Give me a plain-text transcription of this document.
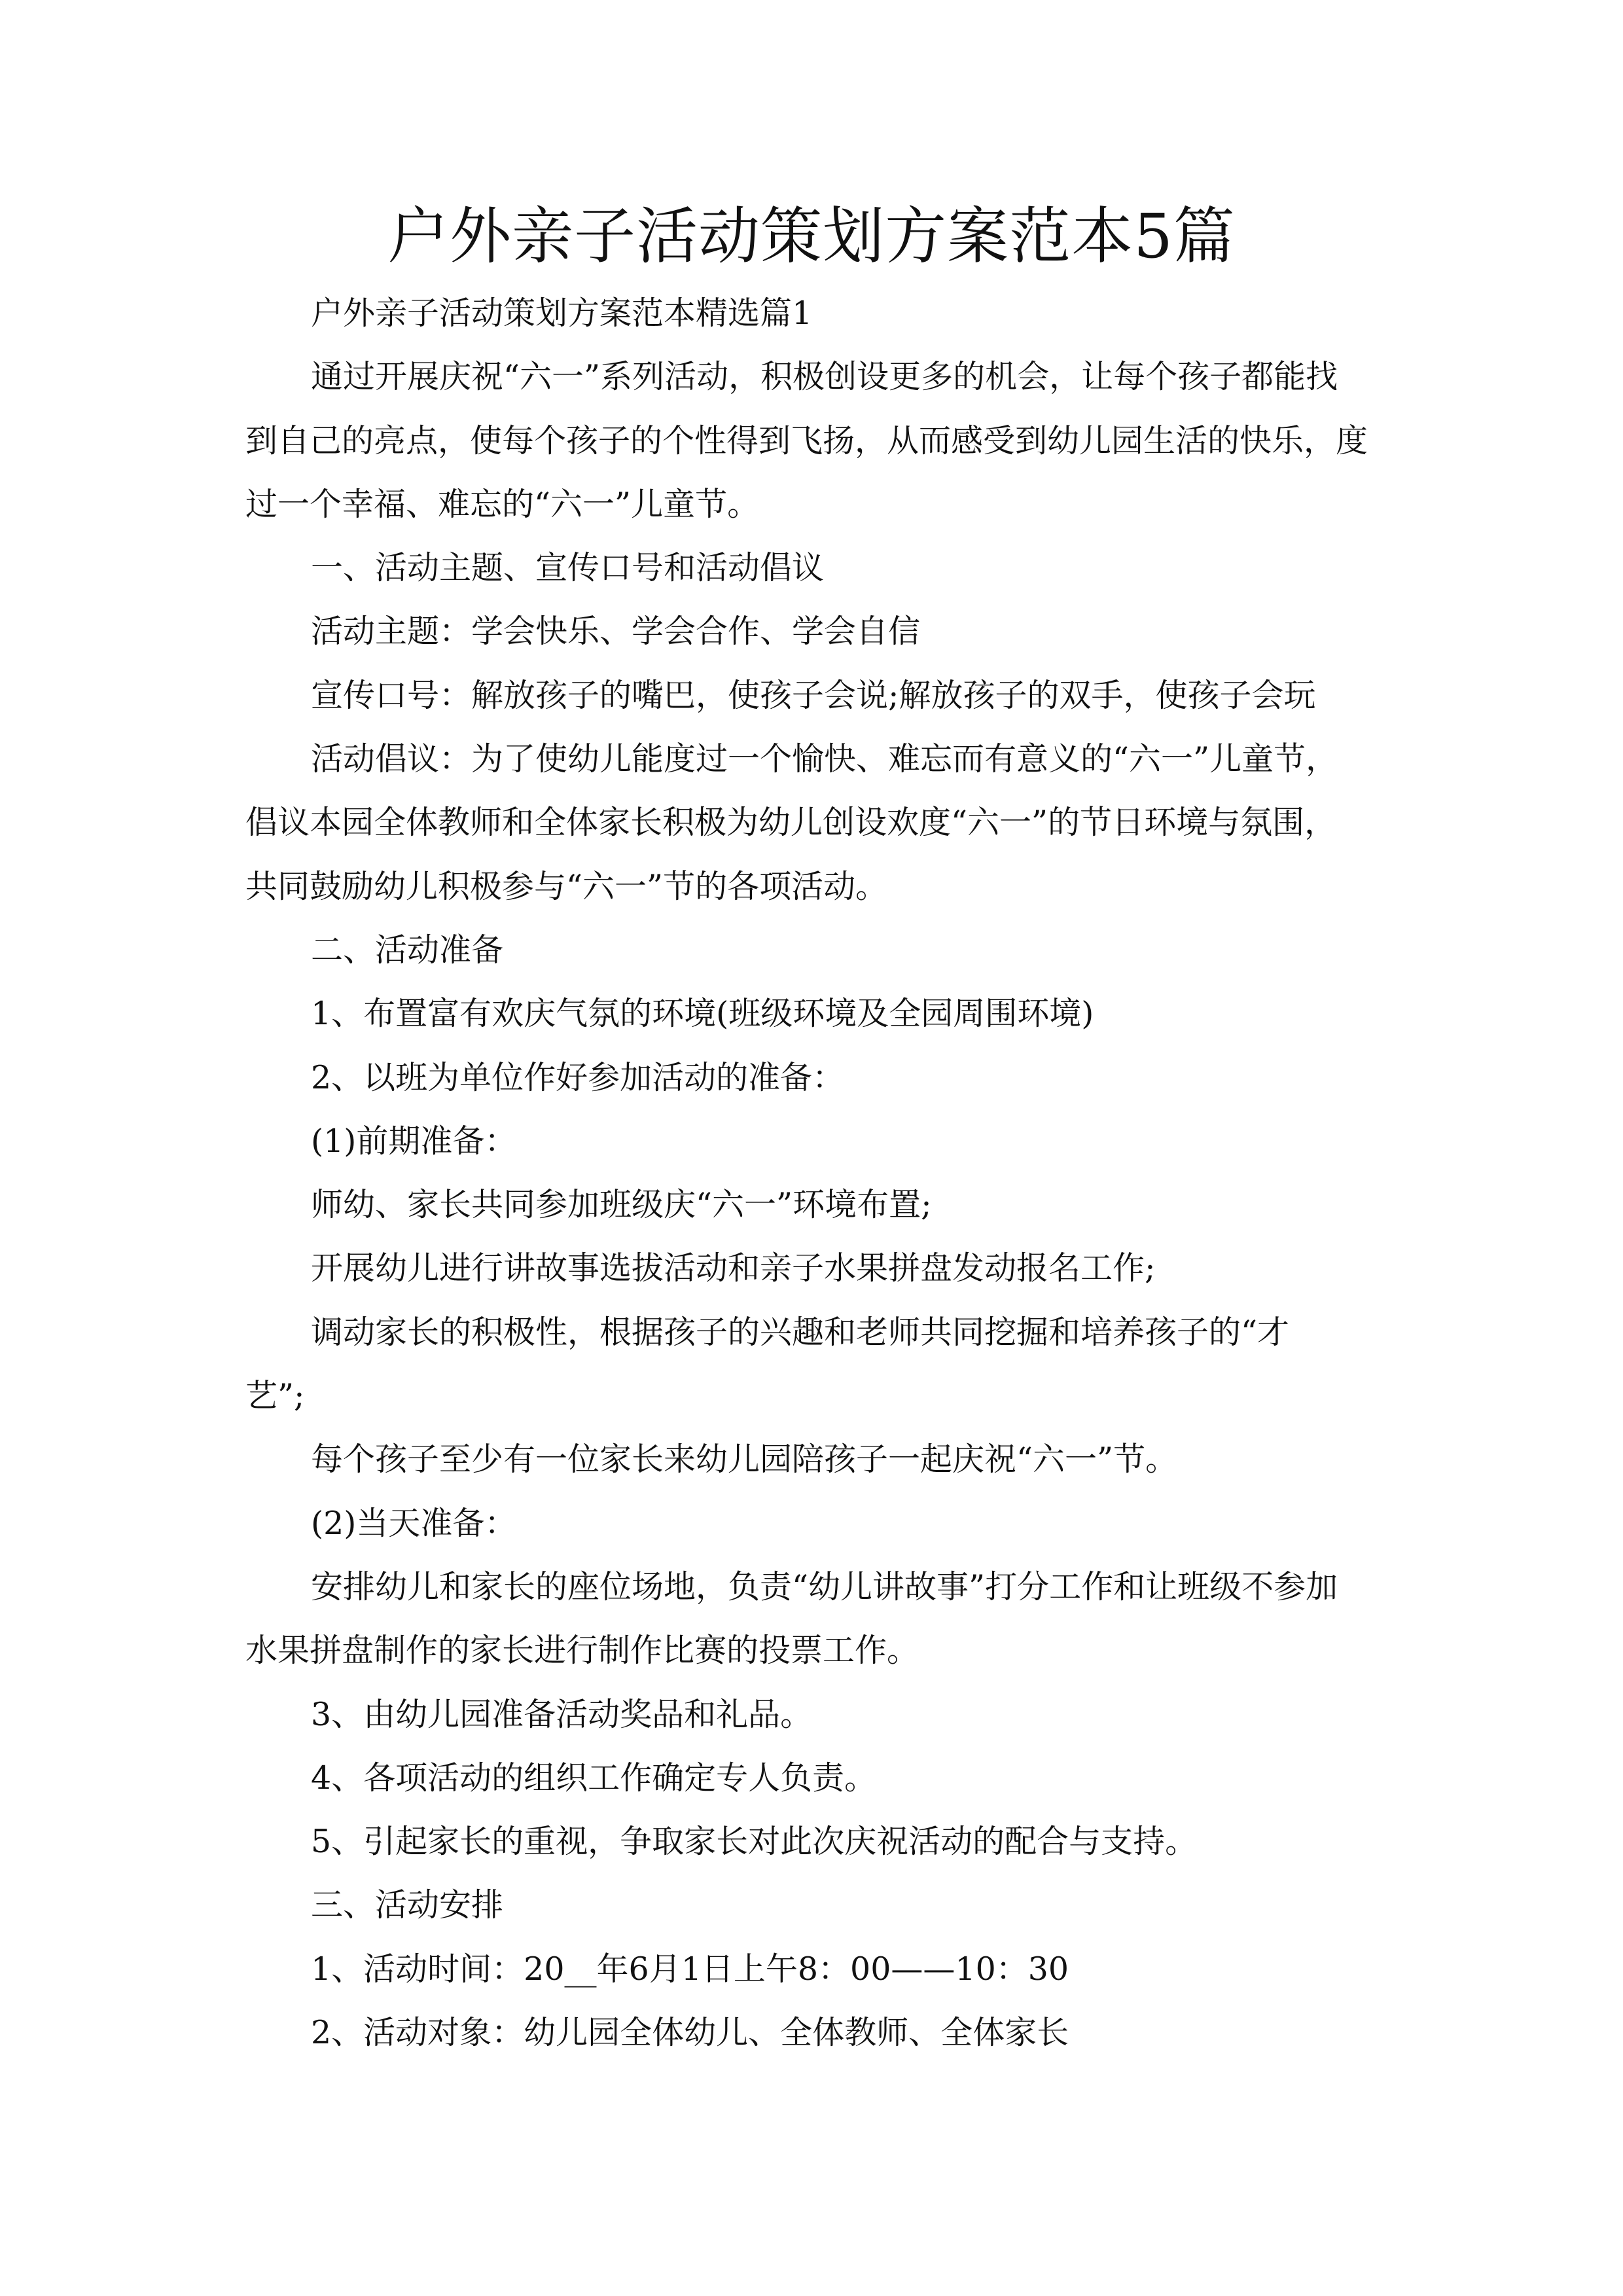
户外亲子活动策划方案范本5篇
户外亲子活动策划方案范本精选篇1
通过开展庆祝“六一”系列活动，积极创设更多的机会，让每个孩子都能找
到自己的亮点，使每个孩子的个性得到飞扬，从而感受到幼儿园生活的快乐，度
过一个幸福、难忘的“六一”儿童节。
一、活动主题、宣传口号和活动倡议
活动主题：学会快乐、学会合作、学会自信
宣传口号：解放孩子的嘴巴，使孩子会说;解放孩子的双手，使孩子会玩
活动倡议：为了使幼儿能度过一个愉快、难忘而有意义的“六一”儿童节，
倡议本园全体教师和全体家长积极为幼儿创设欢度“六一”的节日环境与氛围，
共同鼓励幼儿积极参与“六一”节的各项活动。
二、活动准备
1、布置富有欢庆气氛的环境(班级环境及全园周围环境)
2、以班为单位作好参加活动的准备：
(1)前期准备：
师幼、家长共同参加班级庆“六一”环境布置;
开展幼儿进行讲故事选拔活动和亲子水果拼盘发动报名工作;
调动家长的积极性，根据孩子的兴趣和老师共同挖掘和培养孩子的“才
艺”;
每个孩子至少有一位家长来幼儿园陪孩子一起庆祝“六一”节。
(2)当天准备：
安排幼儿和家长的座位场地，负责“幼儿讲故事”打分工作和让班级不参加
水果拼盘制作的家长进行制作比赛的投票工作。
3、由幼儿园准备活动奖品和礼品。
4、各项活动的组织工作确定专人负责。
5、引起家长的重视，争取家长对此次庆祝活动的配合与支持。
三、活动安排
1、活动时间：20__年6月1日上午8：00——10：30
2、活动对象：幼儿园全体幼儿、全体教师、全体家长
